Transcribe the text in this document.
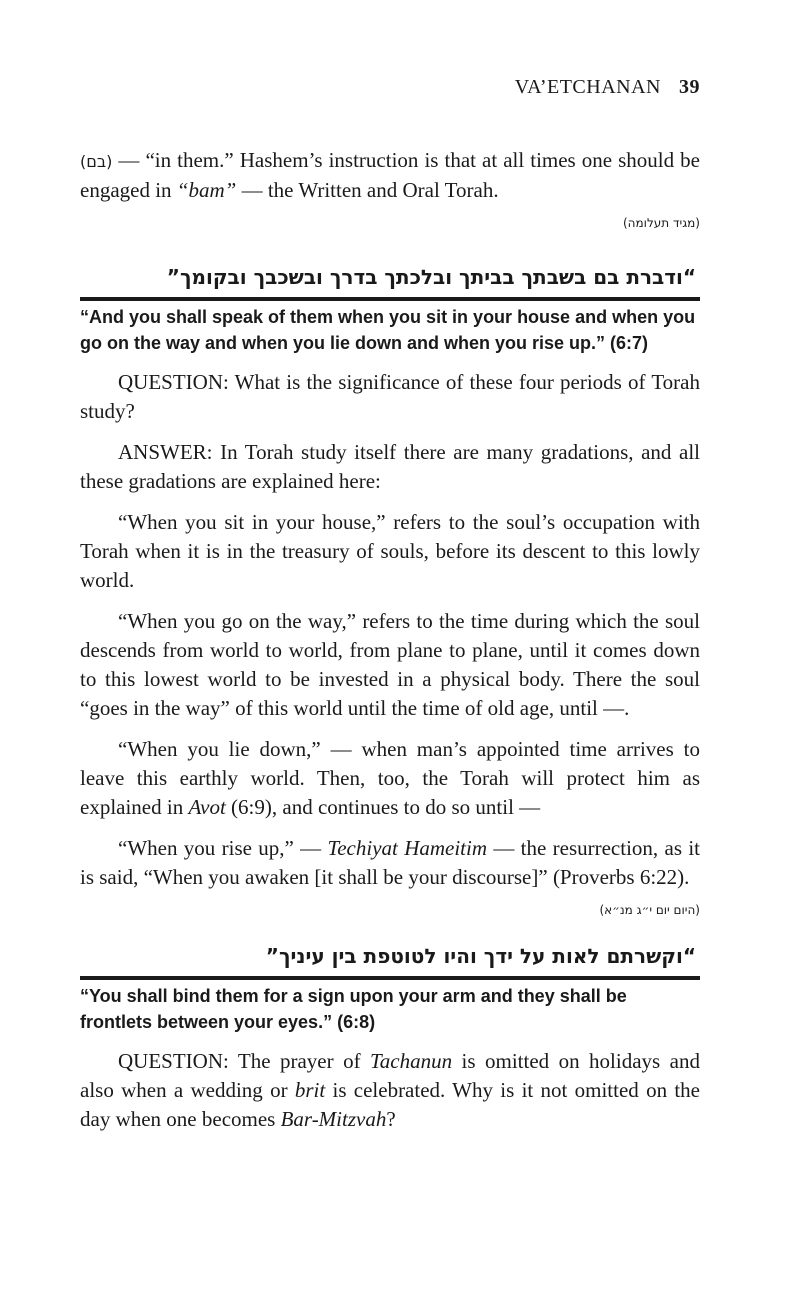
VA’ETCHANAN 39

(בם) — “in them.” Hashem’s instruction is that at all times one should be engaged in “bam” — the Written and Oral Torah.

(מגיד תעלומה)
“ודברת בם בשבתך בביתך ובלכתך בדרך ובשכבך ובקומך”
“And you shall speak of them when you sit in your house and when you go on the way and when you lie down and when you rise up.” (6:7)

QUESTION: What is the significance of these four periods of Torah study?

ANSWER: In Torah study itself there are many gradations, and all these gradations are explained here:

“When you sit in your house,” refers to the soul’s occupation with Torah when it is in the treasury of souls, before its descent to this lowly world.

“When you go on the way,” refers to the time during which the soul descends from world to world, from plane to plane, until it comes down to this lowest world to be invested in a physical body. There the soul “goes in the way” of this world until the time of old age, until —.

“When you lie down,” — when man’s appointed time arrives to leave this earthly world. Then, too, the Torah will protect him as explained in Avot (6:9), and continues to do so until —

“When you rise up,” — Techiyat Hameitim — the resurrection, as it is said, “When you awaken [it shall be your discourse]” (Proverbs 6:22).

(היום יום י״ג מנ״א)
“וקשרתם לאות על ידך והיו לטוטפת בין עיניך”
“You shall bind them for a sign upon your arm and they shall be frontlets between your eyes.” (6:8)

QUESTION: The prayer of Tachanun is omitted on holidays and also when a wedding or brit is celebrated. Why is it not omitted on the day when one becomes Bar-Mitzvah?
